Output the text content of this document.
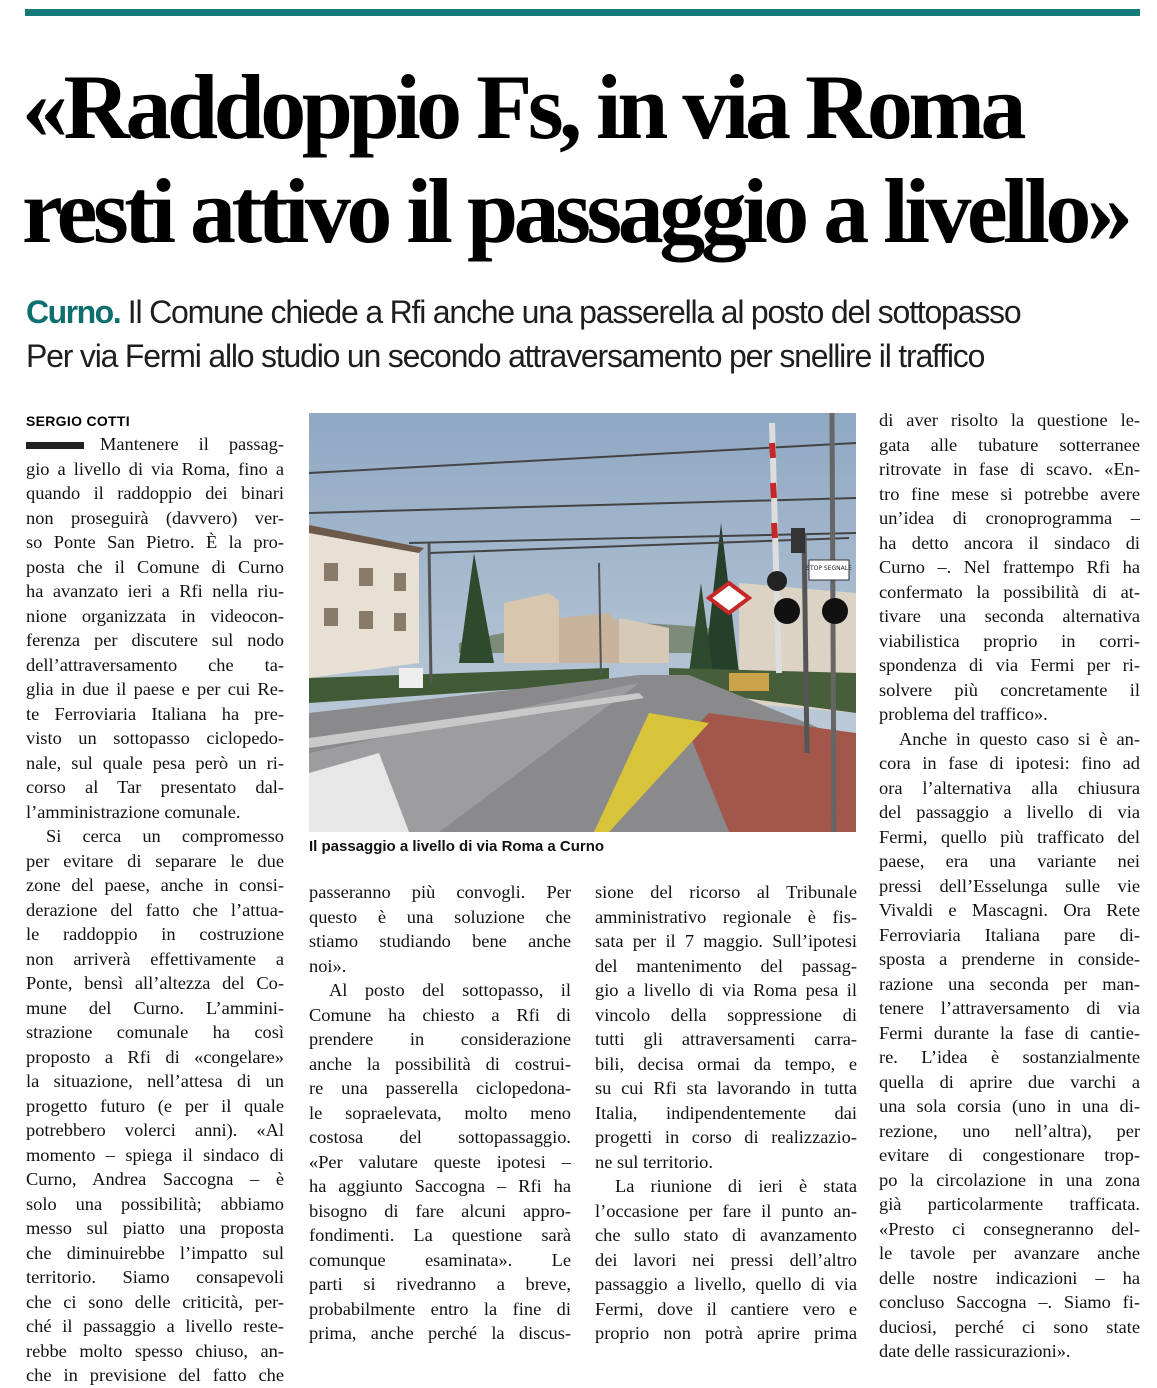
«Raddoppio Fs, in via Roma
resti attivo il passaggio a livello»
Curno. Il Comune chiede a Rfi anche una passerella al posto del sottopasso
Per via Fermi allo studio un secondo attraversamento per snellire il traffico
SERGIO COTTI
Mantenere il passag-
gio a livello di via Roma, fino a
quando il raddoppio dei binari
non proseguirà (davvero) ver-
so Ponte San Pietro. È la pro-
posta che il Comune di Curno
ha avanzato ieri a Rfi nella riu-
nione organizzata in videocon-
ferenza per discutere sul nodo
dell’attraversamento che ta-
glia in due il paese e per cui Re-
te Ferroviaria Italiana ha pre-
visto un sottopasso ciclopedo-
nale, sul quale pesa però un ri-
corso al Tar presentato dal-
l’amministrazione comunale.
Si cerca un compromesso
per evitare di separare le due
zone del paese, anche in consi-
derazione del fatto che l’attua-
le raddoppio in costruzione
non arriverà effettivamente a
Ponte, bensì all’altezza del Co-
mune del Curno. L’ammini-
strazione comunale ha così
proposto a Rfi di «congelare»
la situazione, nell’attesa di un
progetto futuro (e per il quale
potrebbero volerci anni). «Al
momento – spiega il sindaco di
Curno, Andrea Saccogna – è
solo una possibilità; abbiamo
messo sul piatto una proposta
che diminuirebbe l’impatto sul
territorio. Siamo consapevoli
che ci sono delle criticità, per-
ché il passaggio a livello reste-
rebbe molto spesso chiuso, an-
che in previsione del fatto che
STOP SEGNALE
Il passaggio a livello di via Roma a Curno
passeranno più convogli. Per
questo è una soluzione che
stiamo studiando bene anche
noi».
Al posto del sottopasso, il
Comune ha chiesto a Rfi di
prendere in considerazione
anche la possibilità di costrui-
re una passerella ciclopedona-
le sopraelevata, molto meno
costosa del sottopassaggio.
«Per valutare queste ipotesi –
ha aggiunto Saccogna – Rfi ha
bisogno di fare alcuni appro-
fondimenti. La questione sarà
comunque esaminata». Le
parti si rivedranno a breve,
probabilmente entro la fine di
prima, anche perché la discus-
sione del ricorso al Tribunale
amministrativo regionale è fis-
sata per il 7 maggio. Sull’ipotesi
del mantenimento del passag-
gio a livello di via Roma pesa il
vincolo della soppressione di
tutti gli attraversamenti carra-
bili, decisa ormai da tempo, e
su cui Rfi sta lavorando in tutta
Italia, indipendentemente dai
progetti in corso di realizzazio-
ne sul territorio.
La riunione di ieri è stata
l’occasione per fare il punto an-
che sullo stato di avanzamento
dei lavori nei pressi dell’altro
passaggio a livello, quello di via
Fermi, dove il cantiere vero e
proprio non potrà aprire prima
di aver risolto la questione le-
gata alle tubature sotterranee
ritrovate in fase di scavo. «En-
tro fine mese si potrebbe avere
un’idea di cronoprogramma –
ha detto ancora il sindaco di
Curno –. Nel frattempo Rfi ha
confermato la possibilità di at-
tivare una seconda alternativa
viabilistica proprio in corri-
spondenza di via Fermi per ri-
solvere più concretamente il
problema del traffico».
Anche in questo caso si è an-
cora in fase di ipotesi: fino ad
ora l’alternativa alla chiusura
del passaggio a livello di via
Fermi, quello più trafficato del
paese, era una variante nei
pressi dell’Esselunga sulle vie
Vivaldi e Mascagni. Ora Rete
Ferroviaria Italiana pare di-
sposta a prenderne in conside-
razione una seconda per man-
tenere l’attraversamento di via
Fermi durante la fase di cantie-
re. L’idea è sostanzialmente
quella di aprire due varchi a
una sola corsia (uno in una di-
rezione, uno nell’altra), per
evitare di congestionare trop-
po la circolazione in una zona
già particolarmente trafficata.
«Presto ci consegneranno del-
le tavole per avanzare anche
delle nostre indicazioni – ha
concluso Saccogna –. Siamo fi-
duciosi, perché ci sono state
date delle rassicurazioni».
